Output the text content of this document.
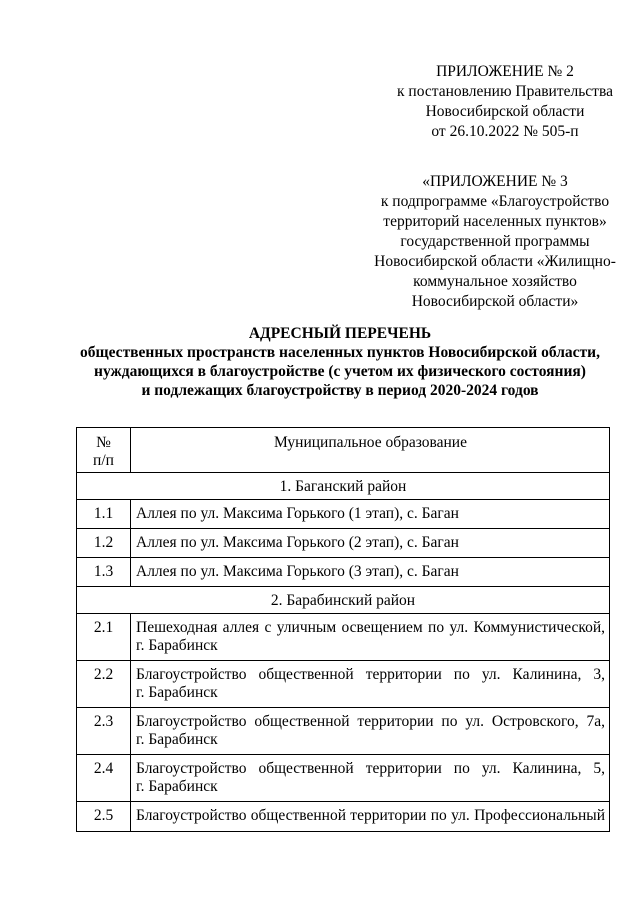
ПРИЛОЖЕНИЕ № 2
к постановлению Правительства
Новосибирской области
от 26.10.2022 № 505-п
«ПРИЛОЖЕНИЕ № 3
к подпрограмме «Благоустройство
территорий населенных пунктов»
государственной программы
Новосибирской области «Жилищно-
коммунальное хозяйство
Новосибирской области»
АДРЕСНЫЙ ПЕРЕЧЕНЬ
общественных пространств населенных пунктов Новосибирской области,
нуждающихся в благоустройстве (с учетом их физического состояния)
и подлежащих благоустройству в период 2020-2024 годов
№
п/п	Муниципальное образование
1. Баганский район	
1.1	Аллея по ул. Максима Горького (1 этап), с. Баган
1.2	Аллея по ул. Максима Горького (2 этап), с. Баган
1.3	Аллея по ул. Максима Горького (3 этап), с. Баган
2. Барабинский район	
2.1	Пешеходная аллея с уличным освещением по ул. Коммунистической,
г. Барабинск
2.2	Благоустройство общественной территории по ул. Калинина, 3,
г. Барабинск
2.3	Благоустройство общественной территории по ул. Островского, 7а,
г. Барабинск
2.4	Благоустройство общественной территории по ул. Калинина, 5,
г. Барабинск
2.5	Благоустройство общественной территории по ул. Профессиональный
